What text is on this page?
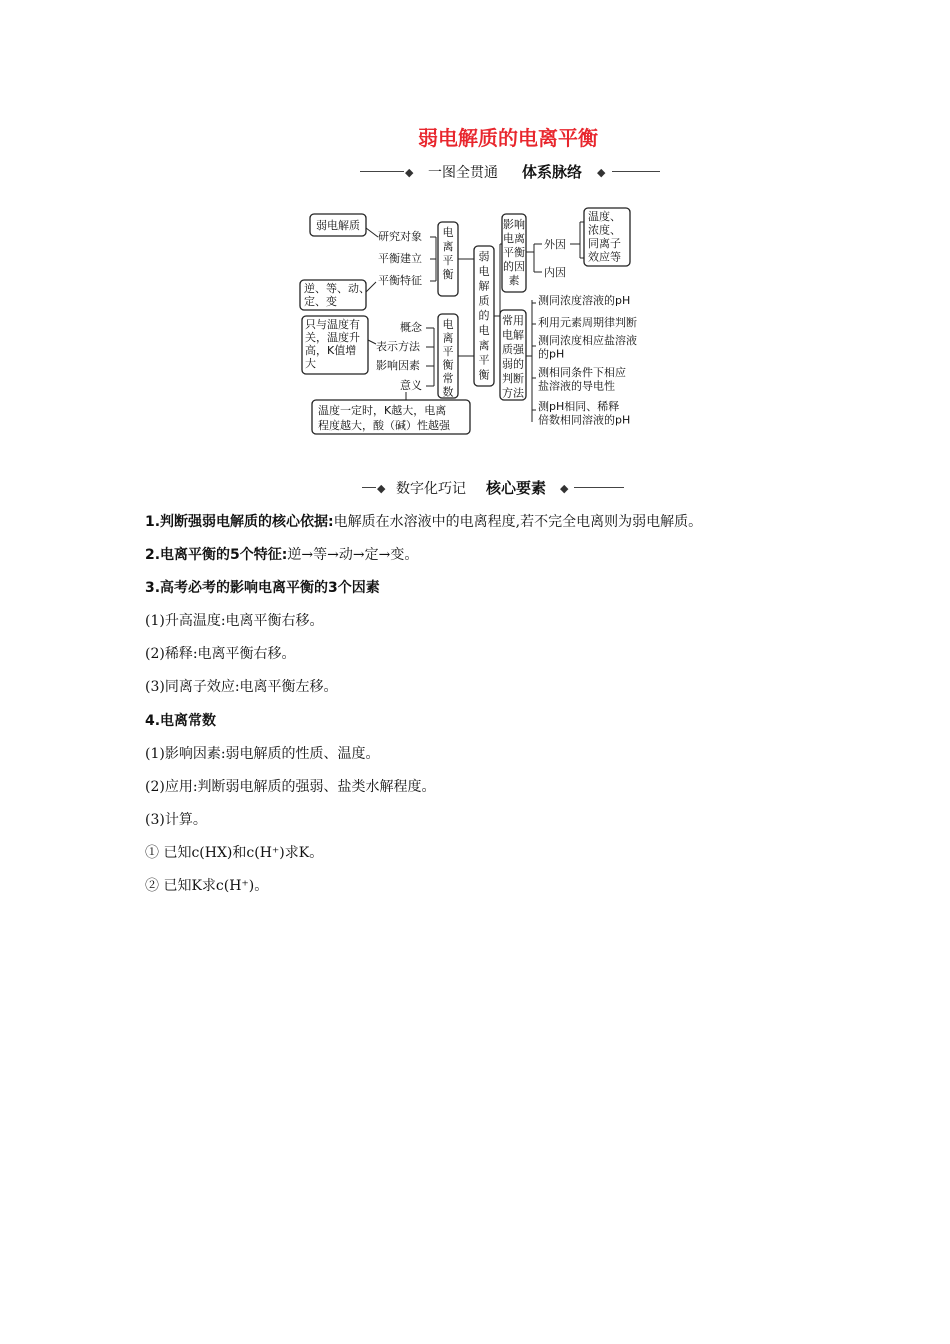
弱电解质的电离平衡
◆ 一图全贯通 体系脉络 ◆
弱电解质
研究对象
平衡建立
平衡特征
逆、等、动、
定、变
电
离
平
衡
弱
电
解
质
的
电
离
平
衡
只与温度有
关，温度升
高，K值增
大
概念
表示方法
影响因素
意义
电
离
平
衡
常
数
温度一定时，K越大，电离
程度越大，酸（碱）性越强
影响
电离
平衡
的因
素
外因
内因
温度、
浓度、
同离子
效应等
常用
电解
质强
弱的
判断
方法
测同浓度溶液的pH
利用元素周期律判断
测同浓度相应盐溶液
的pH
测相同条件下相应
盐溶液的导电性
测pH相同、稀释
倍数相同溶液的pH
◆ 数字化巧记 核心要素 ◆
1.判断强弱电解质的核心依据:电解质在水溶液中的电离程度,若不完全电离则为弱电解质。
2.电离平衡的5个特征:逆→等→动→定→变。
3.高考必考的影响电离平衡的3个因素
(1)升高温度:电离平衡右移。
(2)稀释:电离平衡右移。
(3)同离子效应:电离平衡左移。
4.电离常数
(1)影响因素:弱电解质的性质、温度。
(2)应用:判断弱电解质的强弱、盐类水解程度。
(3)计算。
① 已知c(HX)和c(H⁺)求K。
② 已知K求c(H⁺)。
